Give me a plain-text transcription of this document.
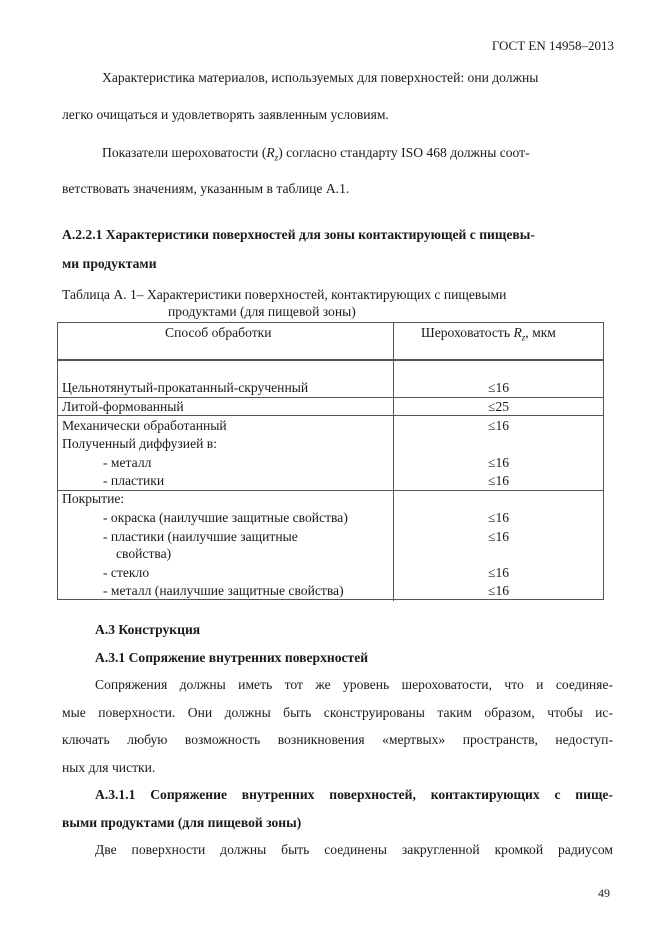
ГОСТ EN 14958–2013
Характеристика материалов, используемых для поверхностей: они должны
легко очищаться и удовлетворять заявленным условиям.
Показатели шероховатости $(R_z)$ согласно стандарту ISO 468 должны соот-
ветствовать значениям, указанным в таблице А.1.
А.2.2.1 Характеристики поверхностей для зоны контактирующей с пищевы-
ми продуктами
Таблица А. 1– Характеристики поверхностей, контактирующих с пищевыми
продуктами (для пищевой зоны)
Способ обработки	Шероховатость $R_z$, мкм
Цельнотянутый-прокатанный-скрученный	≤16
Литой-формованный	≤25
Механически обработанный	≤16
Полученный диффузией в:
- металл	≤16
- пластики	≤16
Покрытие:
- окраска (наилучшие защитные свойства)	≤16
- пластики (наилучшие защитные	≤16
свойства)
- стекло	≤16
- металл (наилучшие защитные свойства)	≤16
А.3 Конструкция
А.3.1 Сопряжение внутренних поверхностей
Сопряжения должны иметь тот же уровень шероховатости, что и соединяе-
мые поверхности. Они должны быть сконструированы таким образом, чтобы ис-
ключать любую возможность возникновения «мертвых» пространств, недоступ-
ных для чистки.
А.3.1.1 Сопряжение внутренних поверхностей, контактирующих с пище-
выми продуктами (для пищевой зоны)
Две поверхности должны быть соединены закругленной кромкой радиусом
49
